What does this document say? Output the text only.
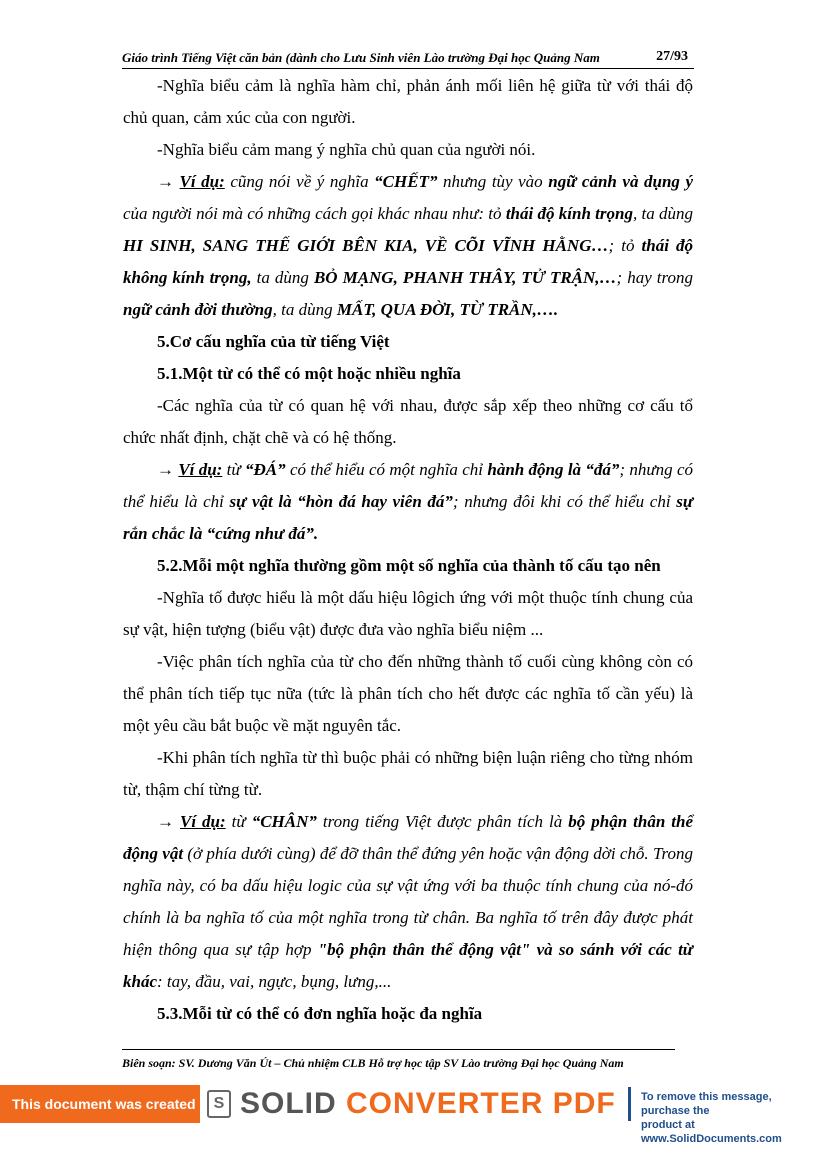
Giáo trình Tiếng Việt căn bản (dành cho Lưu Sinh viên Lào trường Đại học Quảng Nam	27/93

-Nghĩa biểu cảm là nghĩa hàm chỉ, phản ánh mối liên hệ giữa từ với thái độ chủ quan, cảm xúc của con người.

-Nghĩa biểu cảm mang ý nghĩa chủ quan của người nói.

→ Ví dụ: cũng nói về ý nghĩa “CHẾT” nhưng tùy vào ngữ cảnh và dụng ý của người nói mà có những cách gọi khác nhau như: tỏ thái độ kính trọng, ta dùng HI SINH, SANG THẾ GIỚI BÊN KIA, VỀ CÕI VĨNH HẰNG…; tỏ thái độ không kính trọng, ta dùng BỎ MẠNG, PHANH THÂY, TỬ TRẬN,…; hay trong ngữ cảnh đời thường, ta dùng MẤT, QUA ĐỜI, TỪ TRẦN,….

5.Cơ cấu nghĩa của từ tiếng Việt

5.1.Một từ có thể có một hoặc nhiều nghĩa

-Các nghĩa của từ có quan hệ với nhau, được sắp xếp theo những cơ cấu tổ chức nhất định, chặt chẽ và có hệ thống.

→ Ví dụ: từ “ĐÁ” có thể hiểu có một nghĩa chỉ hành động là “đá”; nhưng có thể hiểu là chỉ sự vật là “hòn đá hay viên đá”; nhưng đôi khi có thể hiểu chỉ sự rắn chắc là “cứng như đá”.

5.2.Mỗi một nghĩa thường gồm một số nghĩa của thành tố cấu tạo nên

-Nghĩa tố được hiểu là một dấu hiệu lôgich ứng với một thuộc tính chung của sự vật, hiện tượng (biểu vật) được đưa vào nghĩa biểu niệm ...

-Việc phân tích nghĩa của từ cho đến những thành tố cuối cùng không còn có thể phân tích tiếp tục nữa (tức là phân tích cho hết được các nghĩa tố cần yếu) là một yêu cầu bắt buộc về mặt nguyên tắc.

-Khi phân tích nghĩa từ thì buộc phải có những biện luận riêng cho từng nhóm từ, thậm chí từng từ.

→ Ví dụ: từ “CHÂN” trong tiếng Việt được phân tích là bộ phận thân thể động vật (ở phía dưới cùng) để đỡ thân thể đứng yên hoặc vận động dời chỗ. Trong nghĩa này, có ba dấu hiệu logic của sự vật ứng với ba thuộc tính chung của nó-đó chính là ba nghĩa tố của một nghĩa trong từ chân. Ba nghĩa tố trên đây được phát hiện thông qua sự tập hợp "bộ phận thân thể động vật" và so sánh với các từ khác: tay, đầu, vai, ngực, bụng, lưng,...

5.3.Mỗi từ có thể có đơn nghĩa hoặc đa nghĩa

Biên soạn: SV. Dương Văn Út – Chủ nhiệm CLB Hỗ trợ học tập SV Lào trường Đại học Quảng Nam
This document was created using
S SOLID CONVERTER PDF To remove this message, purchase the
product at www.SolidDocuments.com
